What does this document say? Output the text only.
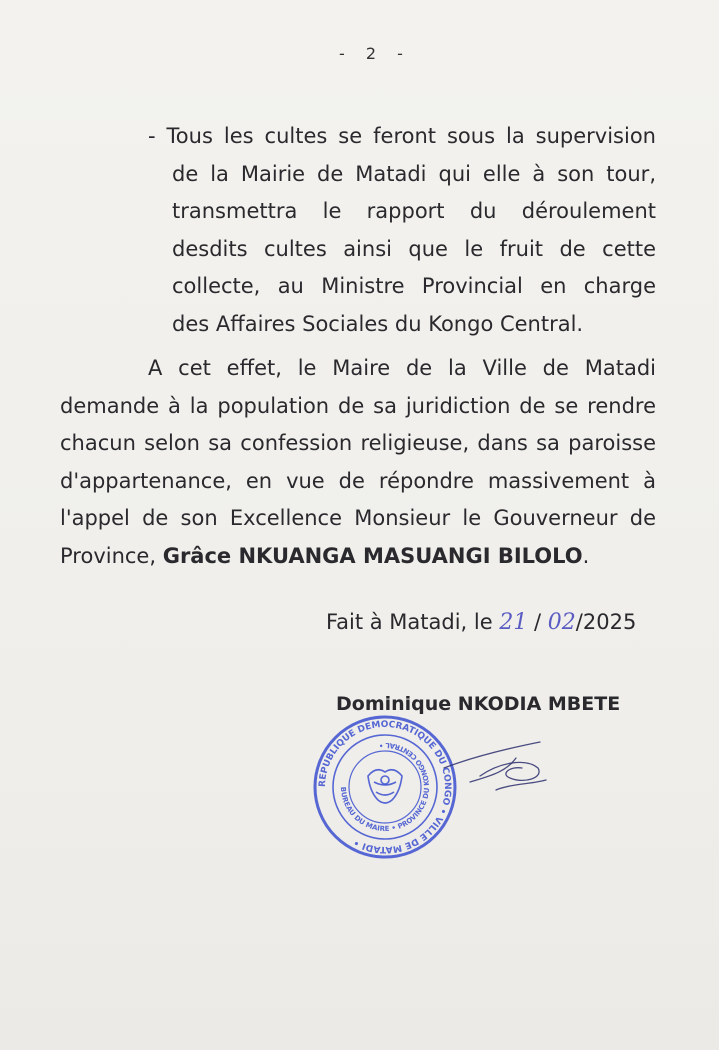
- 2 -
- Tous les cultes se feront sous la supervision
de la Mairie de Matadi qui elle à son tour,
transmettra le rapport du déroulement
desdits cultes ainsi que le fruit de cette
collecte, au Ministre Provincial en charge
des Affaires Sociales du Kongo Central.
A cet effet, le Maire de la Ville de Matadi
demande à la population de sa juridiction de se rendre
chacun selon sa confession religieuse, dans sa paroisse
d'appartenance, en vue de répondre massivement à
l'appel de son Excellence Monsieur le Gouverneur de
Province, Grâce NKUANGA MASUANGI BILOLO.
Fait à Matadi, le 21 / 02/2025
Dominique NKODIA MBETE
REPUBLIQUE DEMOCRATIQUE DU CONGO • VILLE DE MATADI •
BUREAU DU MAIRE • PROVINCE DU KONGO CENTRAL •
